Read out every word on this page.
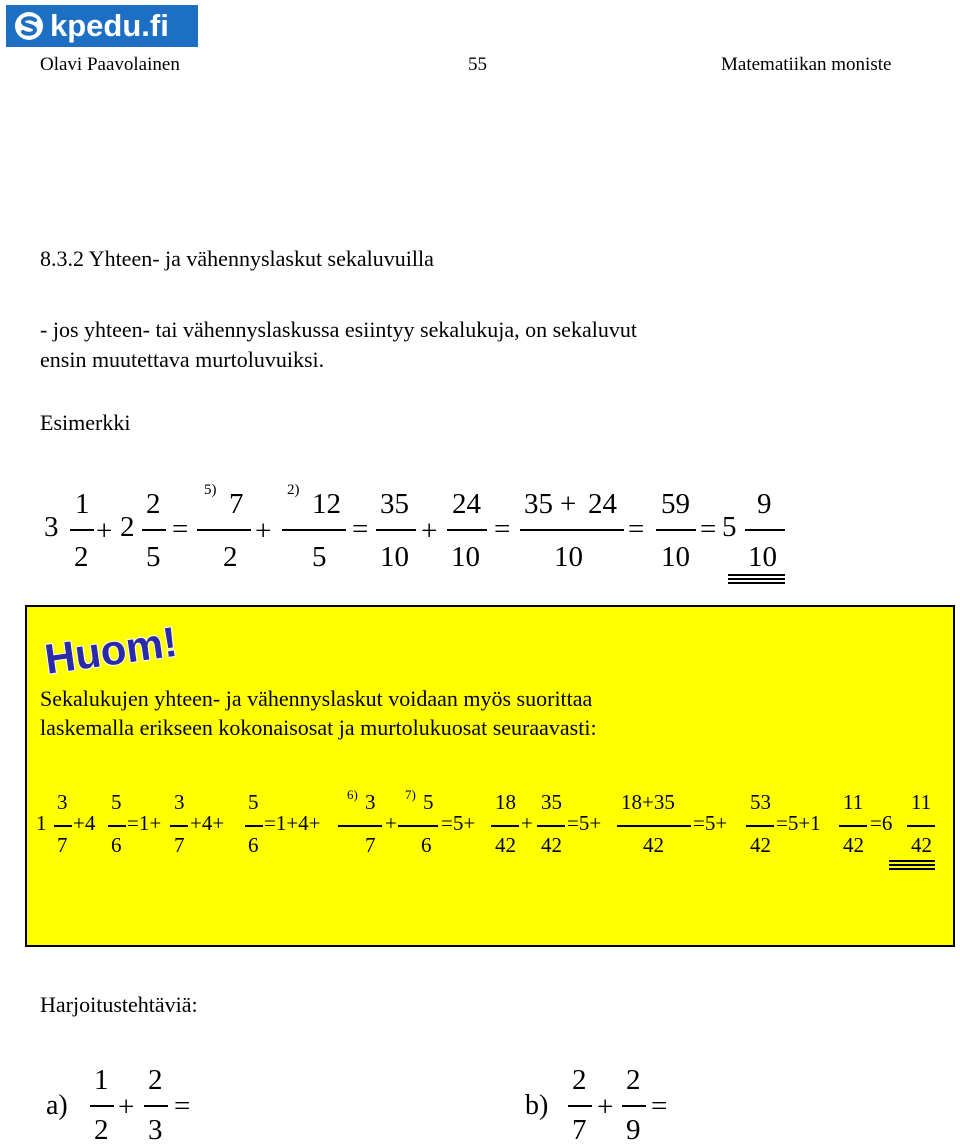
kpedu.fi
Olavi Paavolainen	55	Matematiikan moniste
8.3.2 Yhteen- ja vähennyslaskut sekaluvuilla
- jos yhteen- tai vähennyslaskussa esiintyy sekalukuja, on sekaluvut
ensin muutettava murtoluvuiksi.
Esimerkki
3
1
2
+ 2
2
5
=
5) 7
2
+
2) 12
5
=
35
10
+
24
10
=
35 + 24
10
=
59
10
= 5
9
10
Huom!
Sekalukujen yhteen- ja vähennyslaskut voidaan myös suorittaa
laskemalla erikseen kokonaisosat ja murtolukuosat seuraavasti:
1
3
7
+4
5
6
=1+
3
7
+4+
5
6
=1+4+
6) 3
7
+
7) 5
6
=5+
18
42
+
35
42
=5+
18+35
42
=5+
53
42
=5+1
11
42
=6
11
42
Harjoitustehtäviä:
a)
1
2
+
2
3
=	b)
2
7
+
2
9
=
